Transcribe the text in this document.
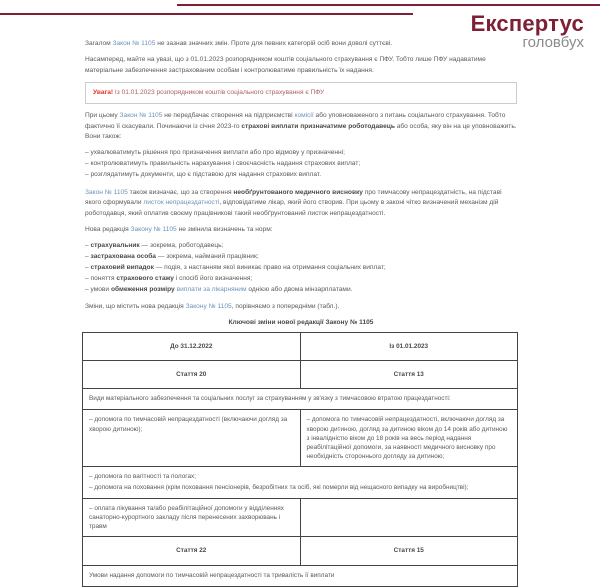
Експертус
головбух

Загалом Закон № 1105 не зазнав значних змін. Проте для певних категорій осіб вони доволі суттєві.

Насамперед, майте на увазі, що з 01.01.2023 розпорядником коштів соціального страхування є ПФУ. Тобто лише ПФУ надаватиме матеріальне забезпечення застрахованим особам і контролюватиме правильність їх надання.

Увага! Із 01.01.2023 розпорядником коштів соціального страхування є ПФУ

При цьому Закон № 1105 не передбачає створення на підприємстві комісії або уповноваженого з питань соціального страхування. Тобто фактично її скасували. Починаючи із січня 2023-го страхові виплати призначатиме роботодавець або особа, яку він на це уповноважить. Вони також:

– ухвалюватимуть рішення про призначення виплати або про відмову у призначенні;
– контролюватимуть правильність нарахування і своєчасність надання страхових виплат;
– розглядатимуть документи, що є підставою для надання страхових виплат.

Закон № 1105 також визначає, що за створення необґрунтованого медичного висновку про тимчасову непрацездатність, на підставі якого сформували листок непрацездатності, відповідатиме лікар, який його створив. При цьому в законі чітко визначений механізм дій роботодавця, який оплатив своєму працівникові такий необґрунтований листок непрацездатності.

Нова редакція Закону № 1105 не змінила визначень та норм:

– страхувальник — зокрема, роботодавець;
– застрахована особа — зокрема, найманий працівник;
– страховий випадок — подія, з настанням якої виникає право на отримання соціальних виплат;
– поняття страхового стажу і спосіб його визначення;
– умови обмеження розміру виплати за лікарняним однією або двома мінзарплатами.

Зміни, що містить нова редакція Закону № 1105, порівняємо з попередніми (табл.).

Ключові зміни нової редакції Закону № 1105
До 31.12.2022	Із 01.01.2023
Стаття 20	Стаття 13
Види матеріального забезпечення та соціальних послуг за страхуванням у зв'язку з тимчасовою втратою працездатності:	
– допомога по тимчасовій непрацездатності (включаючи догляд за хворою дитиною);	– допомога по тимчасовій непрацездатності, включаючи догляд за хворою дитиною, догляд за дитиною віком до 14 років або дитиною з інвалідністю віком до 18 років на весь період надання реабілітаційної допомоги, за наявності медичного висновку про необхідність стороннього догляду за дитиною;

– допомога по вагітності та пологах;
– допомога на поховання (крім поховання пенсіонерів, безробітних та осіб, які померли від нещасного випадку на виробництві);	

– оплата лікування та/або реабілітаційної допомоги у відділеннях санаторно-курортного закладу після перенесених захворювань і травм	
Стаття 22	Стаття 15
Умови надання допомоги по тимчасовій непрацездатності та тривалість її виплати	
